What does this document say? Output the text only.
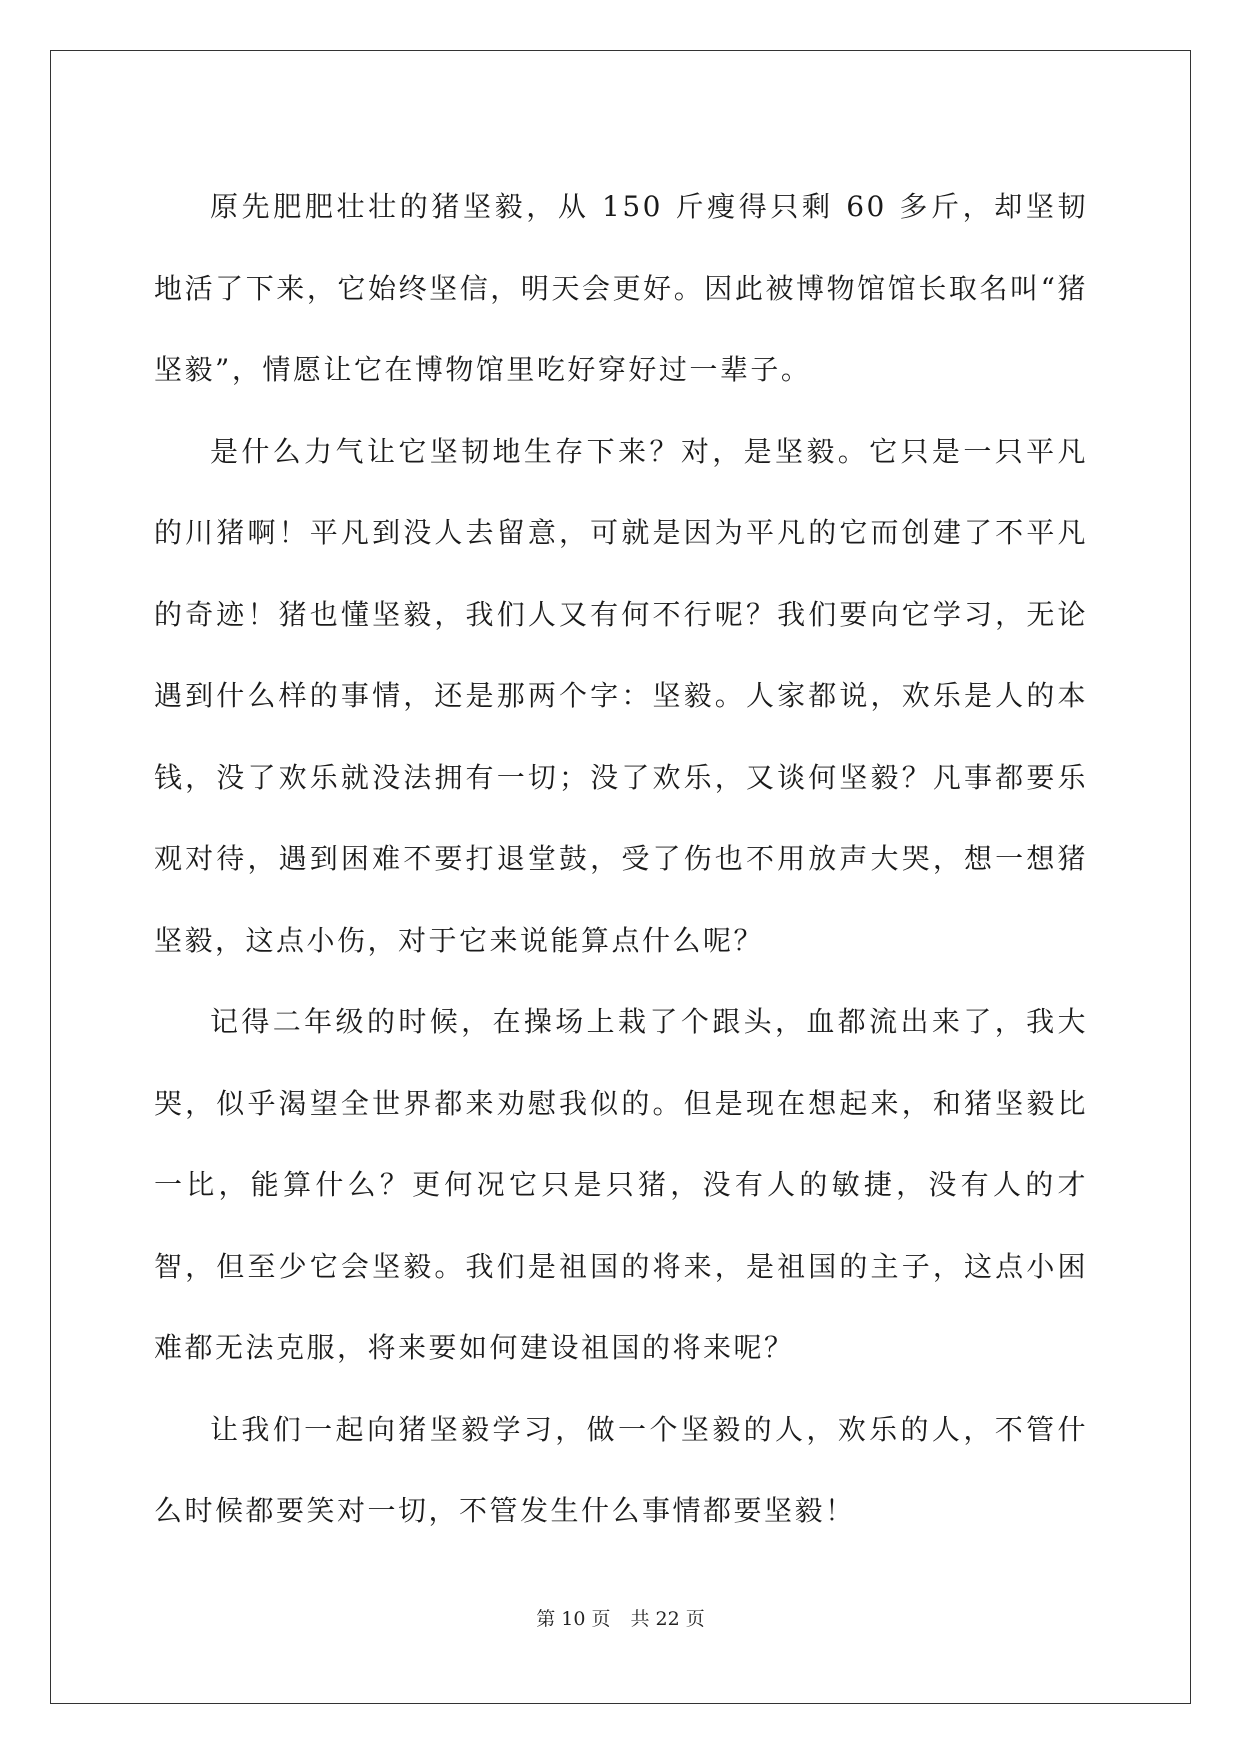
原先肥肥壮壮的猪坚毅，从 150 斤瘦得只剩 60 多斤，却坚韧地活了下来，它始终坚信，明天会更好。因此被博物馆馆长取名叫“猪坚毅”，情愿让它在博物馆里吃好穿好过一辈子。

是什么力气让它坚韧地生存下来？对，是坚毅。它只是一只平凡的川猪啊！平凡到没人去留意，可就是因为平凡的它而创建了不平凡的奇迹！猪也懂坚毅，我们人又有何不行呢？我们要向它学习，无论遇到什么样的事情，还是那两个字：坚毅。人家都说，欢乐是人的本钱，没了欢乐就没法拥有一切；没了欢乐，又谈何坚毅？凡事都要乐观对待，遇到困难不要打退堂鼓，受了伤也不用放声大哭，想一想猪坚毅，这点小伤，对于它来说能算点什么呢？

记得二年级的时候，在操场上栽了个跟头，血都流出来了，我大哭，似乎渴望全世界都来劝慰我似的。但是现在想起来，和猪坚毅比一比，能算什么？更何况它只是只猪，没有人的敏捷，没有人的才智，但至少它会坚毅。我们是祖国的将来，是祖国的主子，这点小困难都无法克服，将来要如何建设祖国的将来呢？

让我们一起向猪坚毅学习，做一个坚毅的人，欢乐的人，不管什么时候都要笑对一切，不管发生什么事情都要坚毅！

第 10 页 共 22 页
